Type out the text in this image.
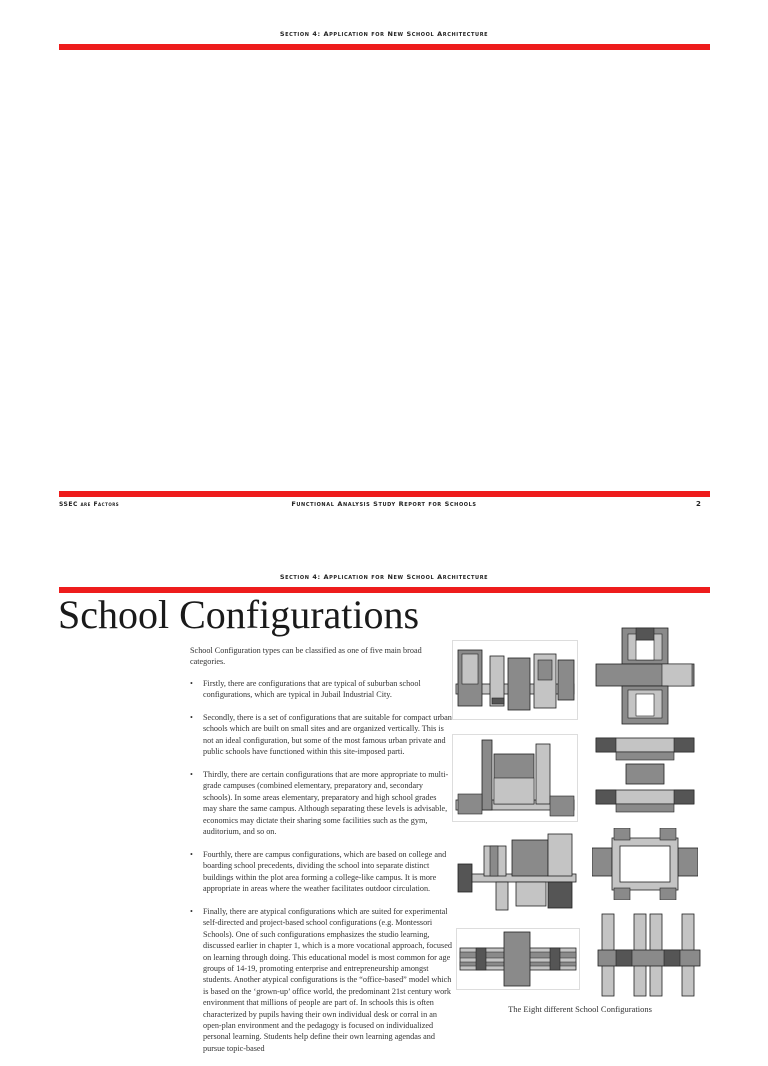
Section 4: Application for New School Architecture
SSEC are Factors	Functional Analysis Study Report for Schools	2
Section 4: Application for New School Architecture
School Configurations

School Configuration types can be classified as one of five main broad categories.

• Firstly, there are configurations that are typical of suburban school configurations, which are typical in Jubail Industrial City.
• Secondly, there is a set of configurations that are suitable for compact urban schools which are built on small sites and are organized vertically. This is not an ideal configuration, but some of the most famous urban private and public schools have functioned within this site-imposed parti.
• Thirdly, there are certain configurations that are more appropriate to multi-grade campuses (combined elementary, preparatory and, secondary schools). In some areas elementary, preparatory and high school grades may share the same campus. Although separating these levels is advisable, economics may dictate their sharing some facilities such as the gym, auditorium, and so on.
• Fourthly, there are campus configurations, which are based on college and boarding school precedents, dividing the school into separate distinct buildings within the plot area forming a college-like campus. It is more appropriate in areas where the weather facilitates outdoor circulation.
• Finally, there are atypical configurations which are suited for experimental self-directed and project-based school configurations (e.g. Montessori Schools). One of such configurations emphasizes the studio learning, discussed earlier in chapter 1, which is a more vocational approach, focused on learning through doing. This educational model is most common for age groups of 14-19, promoting enterprise and entrepreneurship amongst students. Another atypical configurations is the “office-based” model which is based on the ‘grown-up’ office world, the predominant 21st century work environment that millions of people are part of. In schools this is often characterized by pupils having their own individual desk or corral in an open-plan environment and the pedagogy is focused on individualized personal learning. Students help define their own learning agendas and pursue topic-based
The Eight different School Configurations
